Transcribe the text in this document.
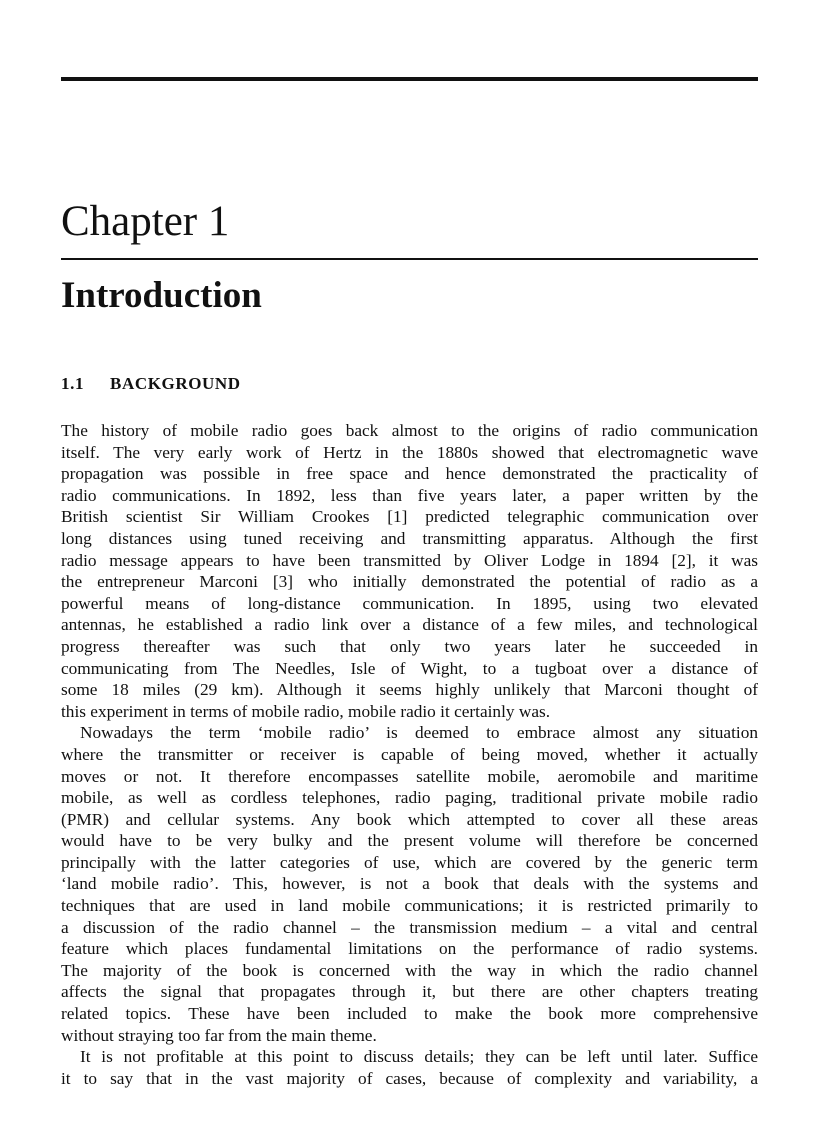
Chapter 1
Introduction
1.1 BACKGROUND
The history of mobile radio goes back almost to the origins of radio communication
itself. The very early work of Hertz in the 1880s showed that electromagnetic wave
propagation was possible in free space and hence demonstrated the practicality of
radio communications. In 1892, less than five years later, a paper written by the
British scientist Sir William Crookes [1] predicted telegraphic communication over
long distances using tuned receiving and transmitting apparatus. Although the first
radio message appears to have been transmitted by Oliver Lodge in 1894 [2], it was
the entrepreneur Marconi [3] who initially demonstrated the potential of radio as a
powerful means of long-distance communication. In 1895, using two elevated
antennas, he established a radio link over a distance of a few miles, and technological
progress thereafter was such that only two years later he succeeded in
communicating from The Needles, Isle of Wight, to a tugboat over a distance of
some 18 miles (29 km). Although it seems highly unlikely that Marconi thought of
this experiment in terms of mobile radio, mobile radio it certainly was.
Nowadays the term ‘mobile radio’ is deemed to embrace almost any situation
where the transmitter or receiver is capable of being moved, whether it actually
moves or not. It therefore encompasses satellite mobile, aeromobile and maritime
mobile, as well as cordless telephones, radio paging, traditional private mobile radio
(PMR) and cellular systems. Any book which attempted to cover all these areas
would have to be very bulky and the present volume will therefore be concerned
principally with the latter categories of use, which are covered by the generic term
‘land mobile radio’. This, however, is not a book that deals with the systems and
techniques that are used in land mobile communications; it is restricted primarily to
a discussion of the radio channel – the transmission medium – a vital and central
feature which places fundamental limitations on the performance of radio systems.
The majority of the book is concerned with the way in which the radio channel
affects the signal that propagates through it, but there are other chapters treating
related topics. These have been included to make the book more comprehensive
without straying too far from the main theme.
It is not profitable at this point to discuss details; they can be left until later. Suffice
it to say that in the vast majority of cases, because of complexity and variability, a
